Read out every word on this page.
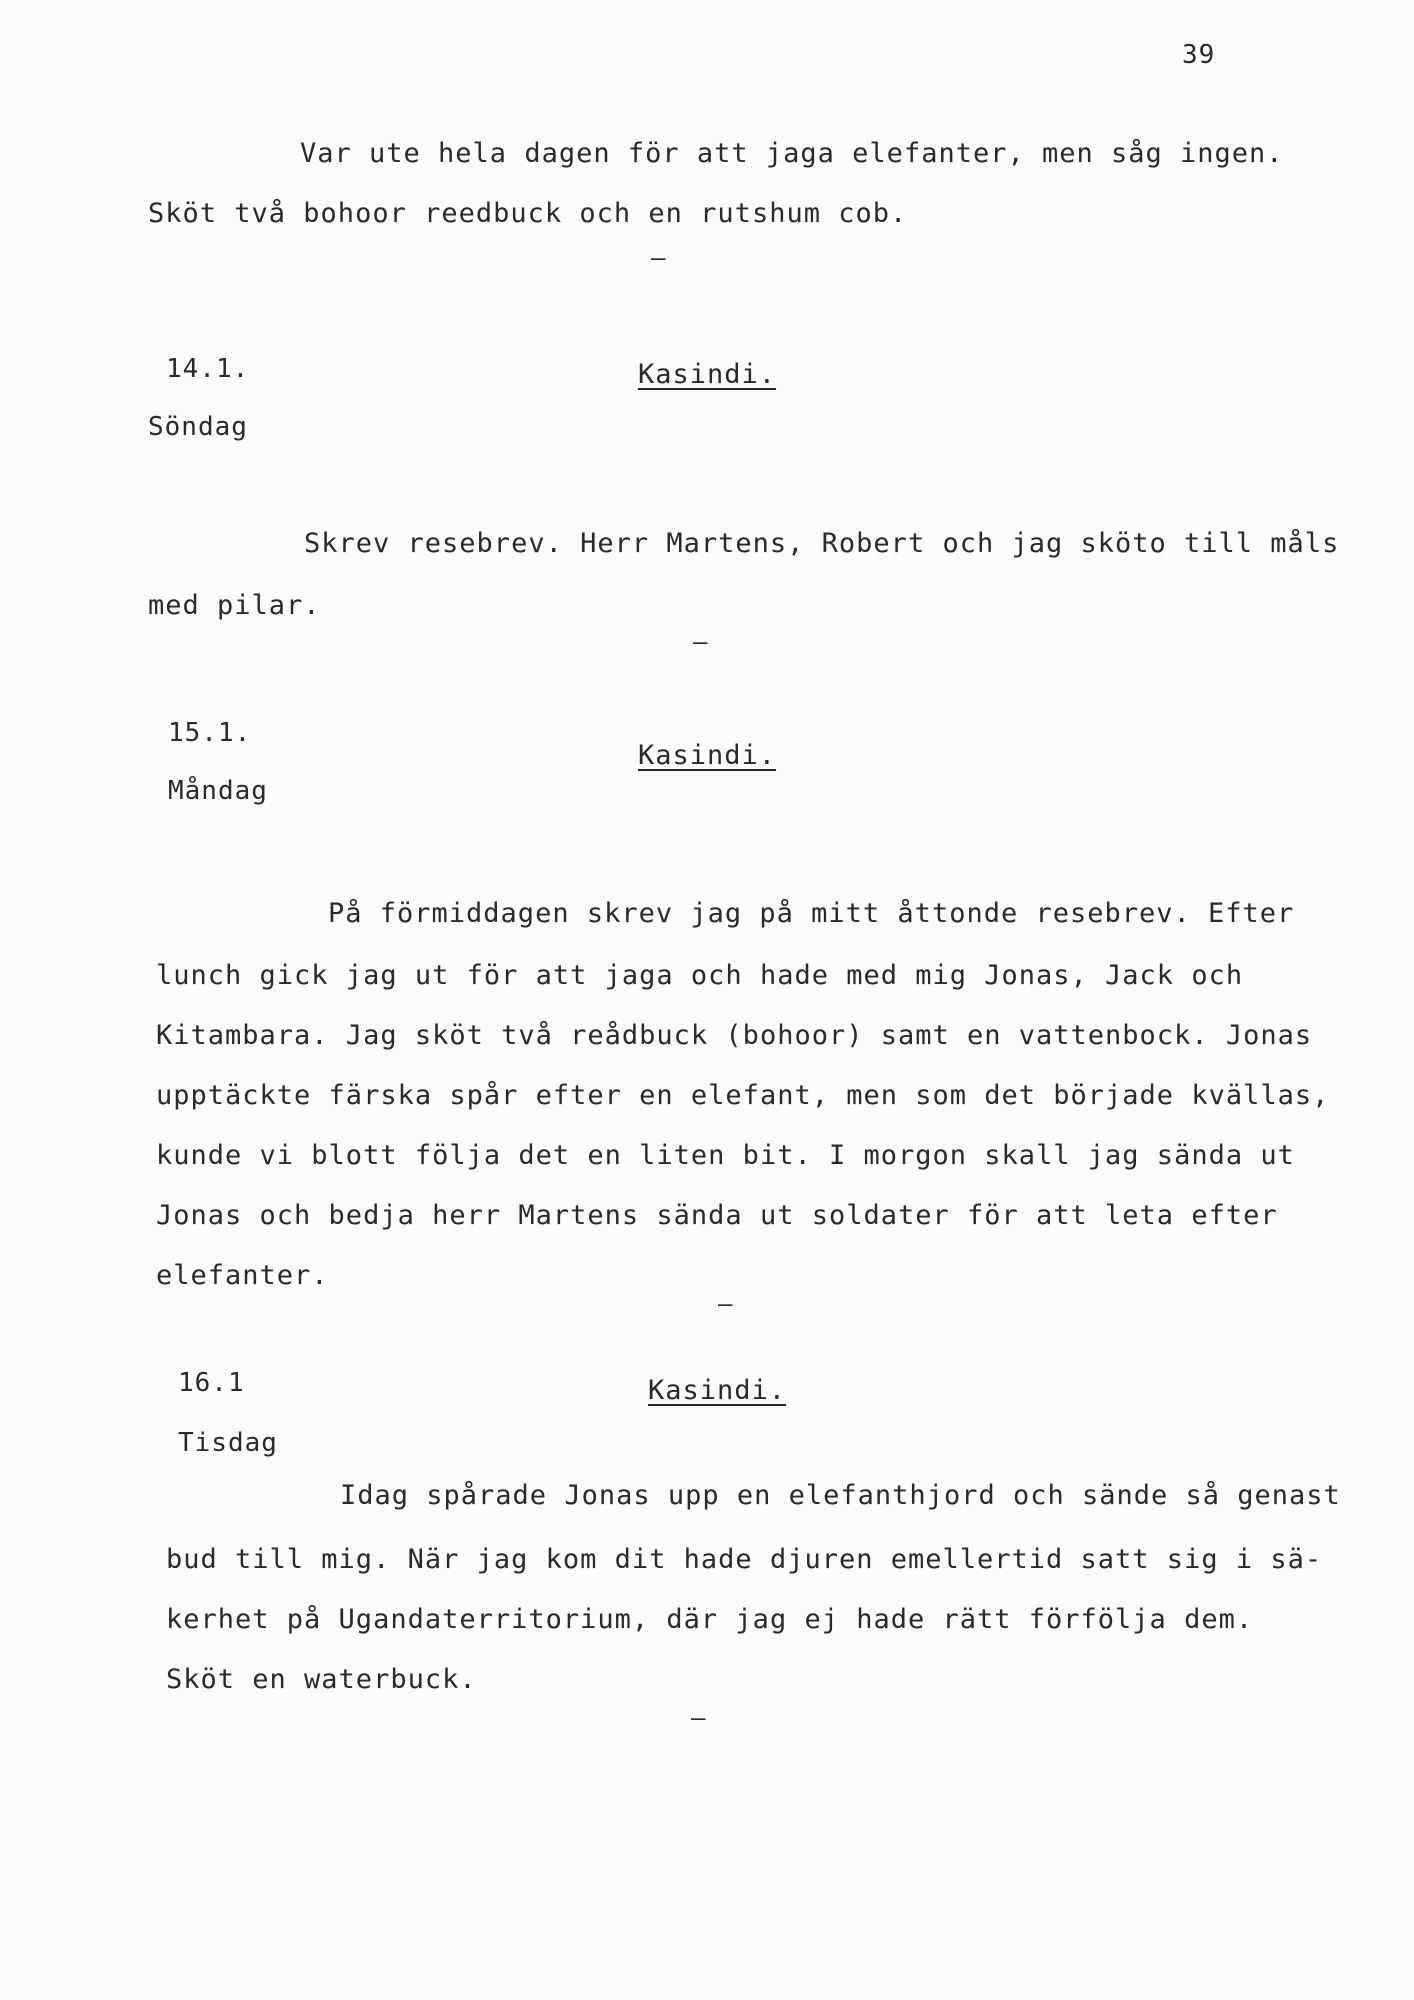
39
Var ute hela dagen för att jaga elefanter, men såg ingen.
Sköt två bohoor reedbuck och en rutshum cob.
–
14.1.	Kasindi.
Söndag
Skrev resebrev. Herr Martens, Robert och jag sköto till måls
med pilar.
–
15.1.
Kasindi.
Måndag
På förmiddagen skrev jag på mitt åttonde resebrev. Efter
lunch gick jag ut för att jaga och hade med mig Jonas, Jack och
Kitambara. Jag sköt två reådbuck (bohoor) samt en vattenbock. Jonas
upptäckte färska spår efter en elefant, men som det började kvällas,
kunde vi blott följa det en liten bit. I morgon skall jag sända ut
Jonas och bedja herr Martens sända ut soldater för att leta efter
elefanter.
–
16.1	Kasindi.
Tisdag
Idag spårade Jonas upp en elefanthjord och sände så genast
bud till mig. När jag kom dit hade djuren emellertid satt sig i sä-
kerhet på Ugandaterritorium, där jag ej hade rätt förfölja dem.
Sköt en waterbuck.
–
